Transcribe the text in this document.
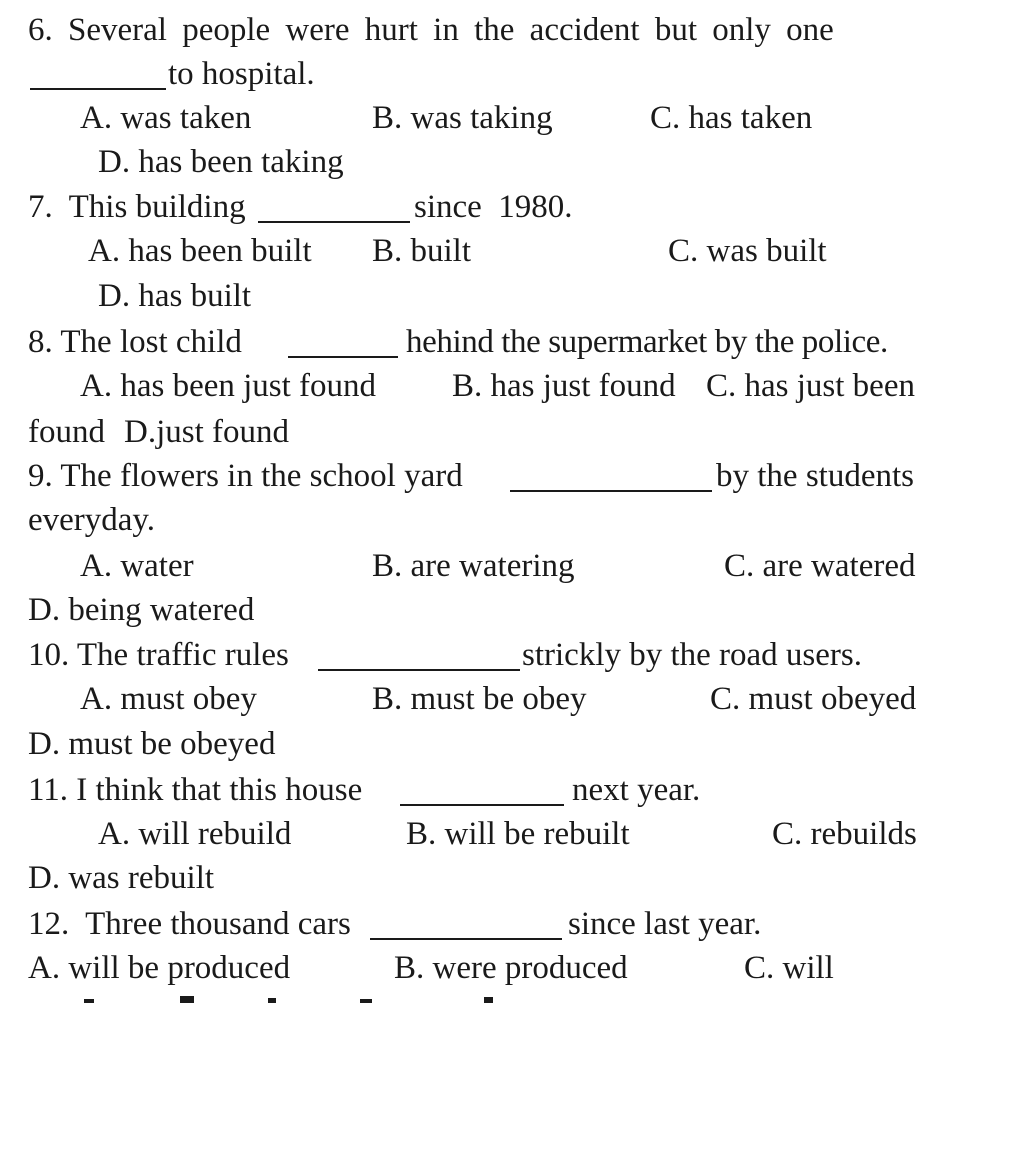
6. Several people were hurt in the accident but only one

to hospital.

A. was taken

	B. was taking

	C. has taken

D. has been taking

7.  This building

	since  1980.

A. has been built

B. built

	C. was built

D. has built

8. The lost child

	hehind the supermarket by the police.

A. has been just found

B. has just found

C. has just been

found

D.just found

9. The flowers in the school yard

	by the students

everyday.

A. water

	B. are watering

	C. are watered

D. being watered

10. The traffic rules

	strickly by the road users.

A. must obey

	B. must be obey

	C. must obeyed

D. must be obeyed

11. I think that this house

	next year.

A. will rebuild

	B. will be rebuilt

	C. rebuilds

D. was rebuilt

12.  Three thousand cars

	since last year.

A. will be produced

	B. were produced

	C. will
